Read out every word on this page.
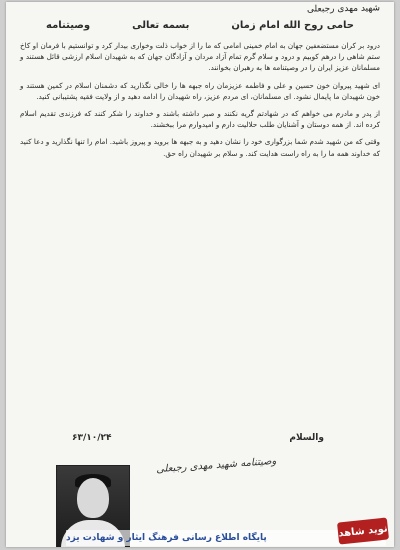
شهید مهدی رجبعلی
حامی روح الله امام زمان
بسمه تعالی
وصیتنامه

درود بر کران مستضعفین جهان به امام خمینی امامی که ما را از خواب ذلت وخواری بیدار کرد و توانستیم با فرمان او کاخ ستم شاهی را درهم کوبیم و درود و سلام گرم تمام آزاد مردان و آزادگان جهان که به شهیدان اسلام ارزشی قائل هستند و مسلمانان عزیز ایران را در وصیتنامه ها به رهبران بخوانند.

ای شهید پیروان خون حسین و علی و فاطمه عزیزمان راه جبهه ها را خالی نگذارید که دشمنان اسلام در کمین هستند و خون شهیدان ما پایمال نشود. ای مسلمانان، ای مردم عزیز، راه شهیدان را ادامه دهید و از ولایت فقیه پشتیبانی کنید.

از پدر و مادرم می خواهم که در شهادتم گریه نکنند و صبر داشته باشند و خداوند را شکر کنند که فرزندی تقدیم اسلام کرده اند. از همه دوستان و آشنایان طلب حلالیت دارم و امیدوارم مرا ببخشند.

وقتی که من شهید شدم شما بزرگواری خود را نشان دهید و به جبهه ها بروید و پیروز باشید. امام را تنها نگذارید و دعا کنید که خداوند همه ما را به راه راست هدایت کند. و سلام بر شهیدان راه حق.

والسلام
۶۳/۱۰/۲۴
وصیتنامه شهید مهدی رجبعلی
پایگاه اطلاع رسانی فرهنگ ایثار و شهادت یزد	نوید شاهد
